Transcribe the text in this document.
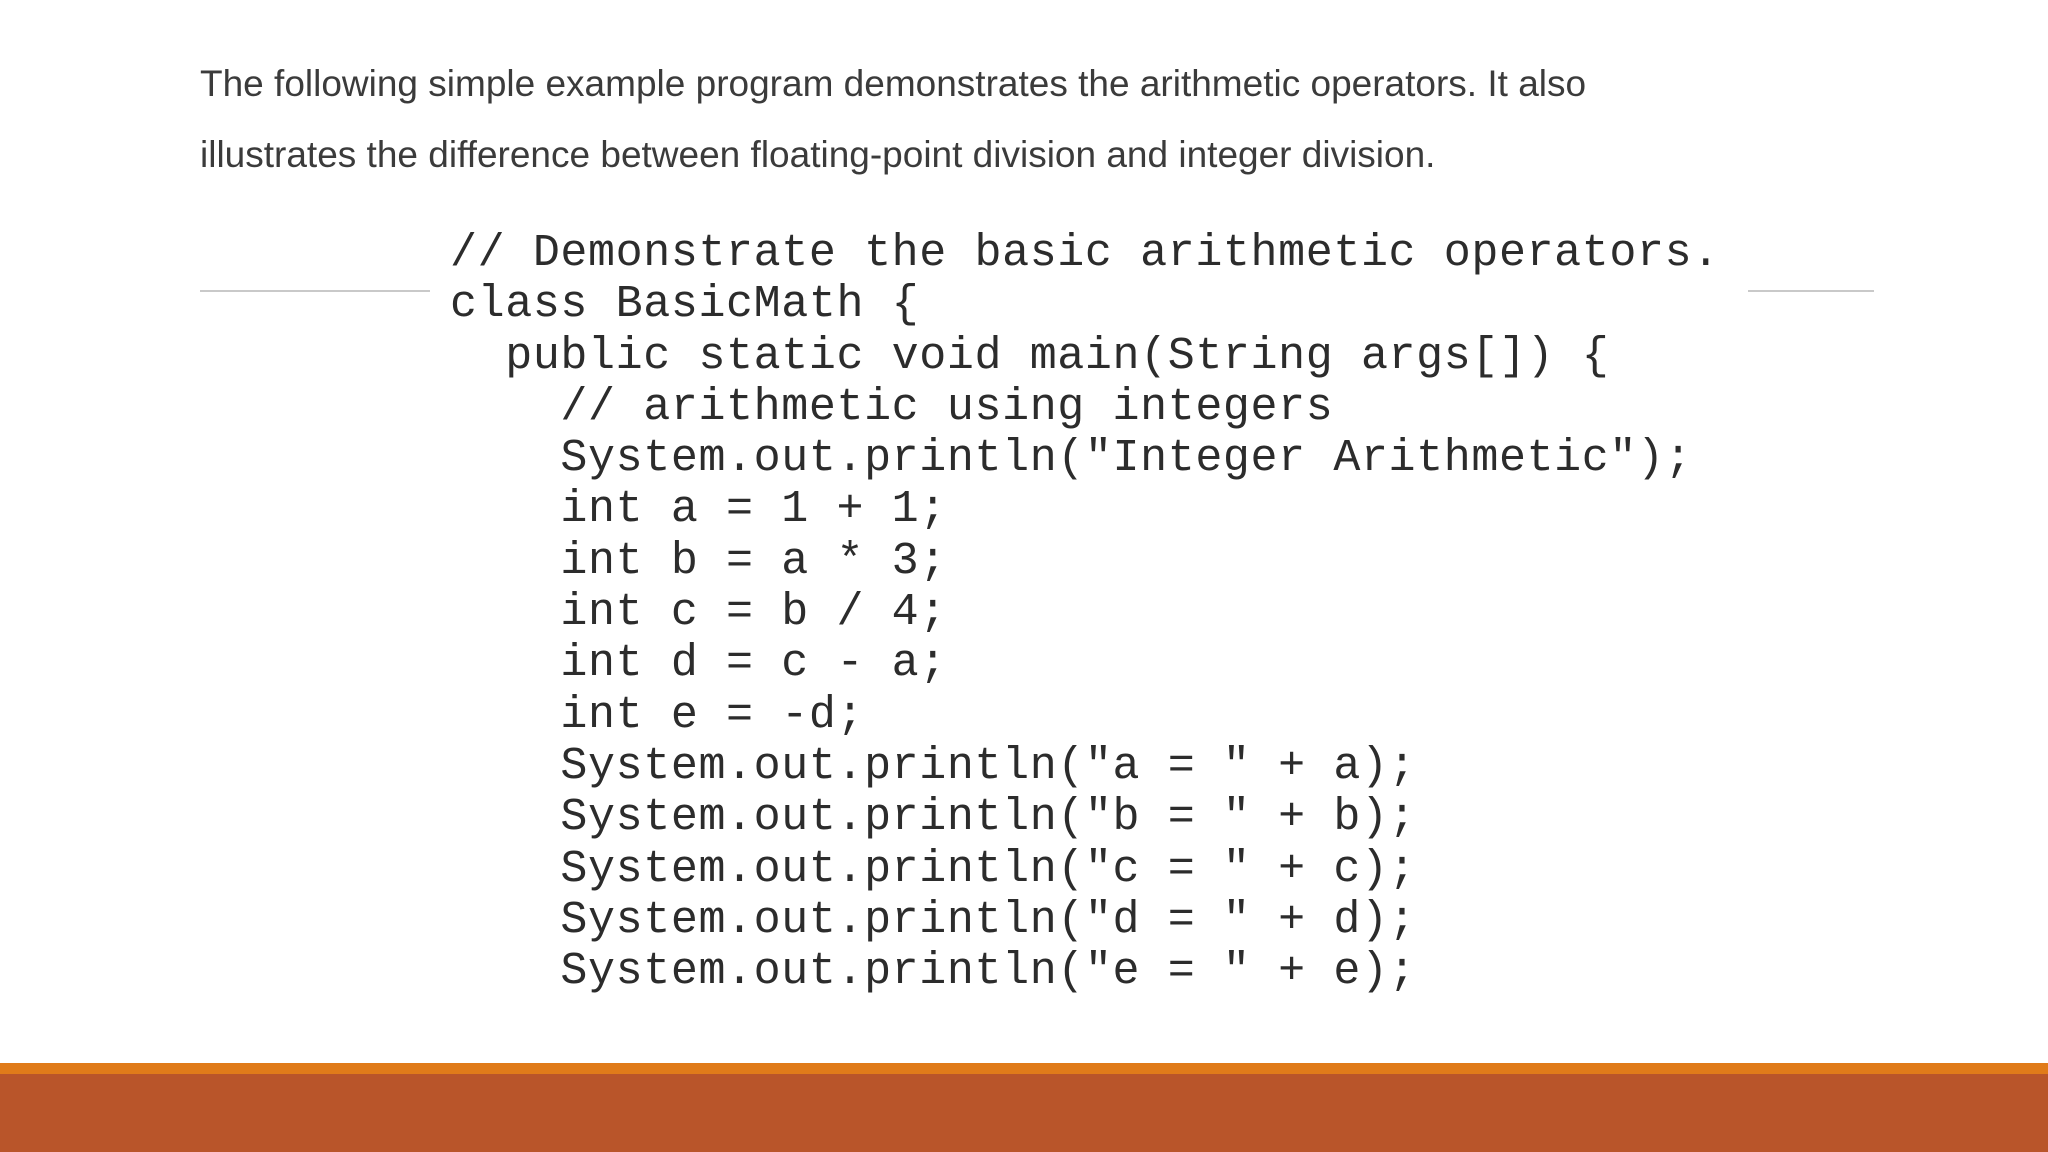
The following simple example program demonstrates the arithmetic operators. It also
illustrates the difference between floating-point division and integer division.

// Demonstrate the basic arithmetic operators.
class BasicMath {
public static void main(String args[]) {
// arithmetic using integers
System.out.println("Integer Arithmetic");
int a = 1 + 1;
int b = a * 3;
int c = b / 4;
int d = c - a;
int e = -d;
System.out.println("a = " + a);
System.out.println("b = " + b);
System.out.println("c = " + c);
System.out.println("d = " + d);
System.out.println("e = " + e);
